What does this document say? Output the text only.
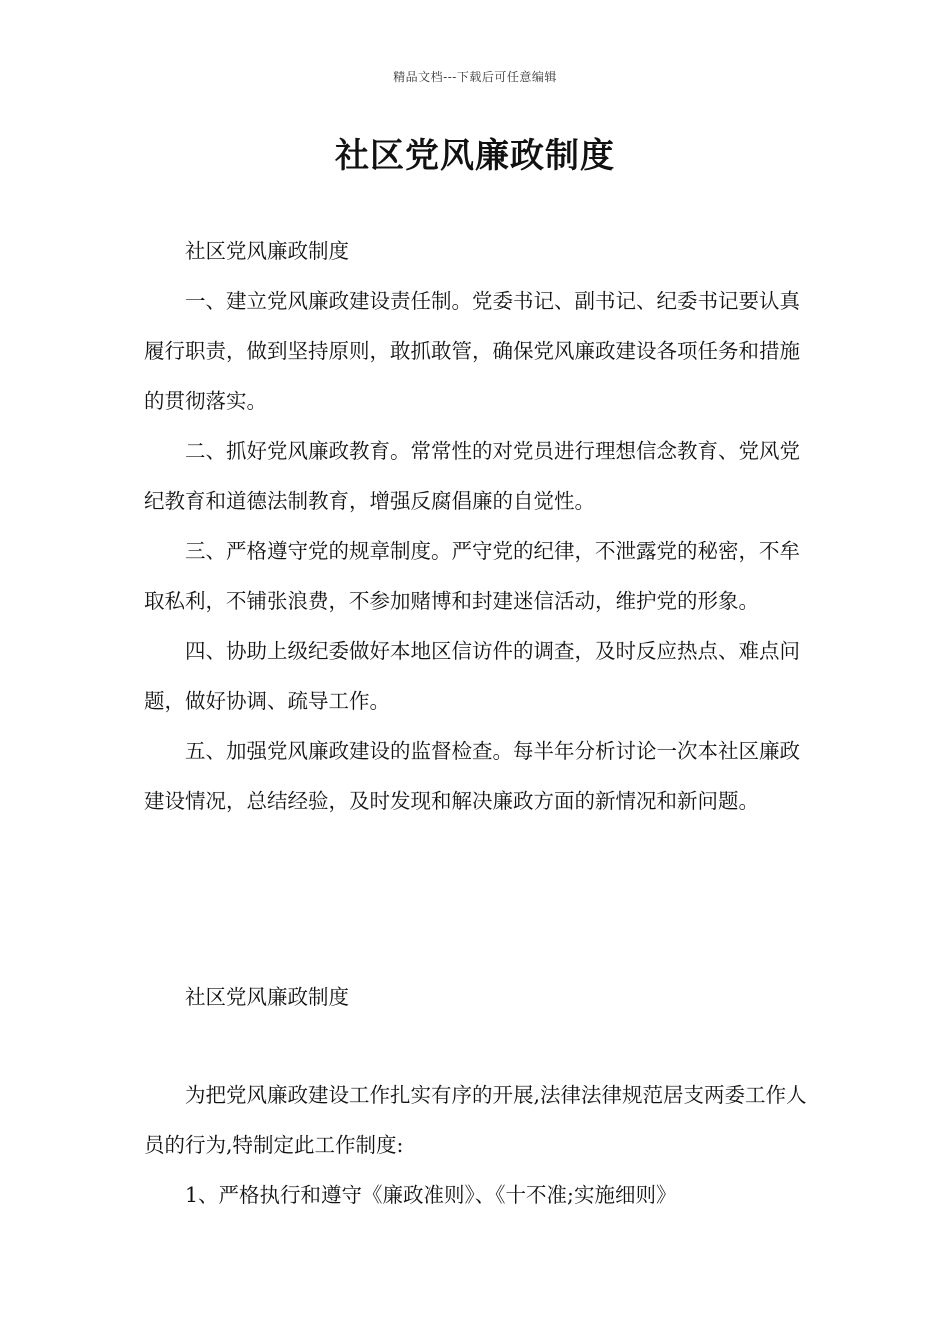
精品文档---下载后可任意编辑
社区党风廉政制度

社区党风廉政制度

一、建立党风廉政建设责任制。党委书记、副书记、纪委书记要认真履行职责，做到坚持原则，敢抓敢管，确保党风廉政建设各项任务和措施的贯彻落实。

二、抓好党风廉政教育。常常性的对党员进行理想信念教育、党风党纪教育和道德法制教育，增强反腐倡廉的自觉性。

三、严格遵守党的规章制度。严守党的纪律，不泄露党的秘密，不牟取私利，不铺张浪费，不参加赌博和封建迷信活动，维护党的形象。

四、协助上级纪委做好本地区信访件的调查，及时反应热点、难点问题，做好协调、疏导工作。

五、加强党风廉政建设的监督检查。每半年分析讨论一次本社区廉政建设情况，总结经验，及时发现和解决廉政方面的新情况和新问题。

社区党风廉政制度

为把党风廉政建设工作扎实有序的开展,法律法律规范居支两委工作人员的行为,特制定此工作制度:

1、严格执行和遵守《廉政准则》、《十不准;实施细则》
